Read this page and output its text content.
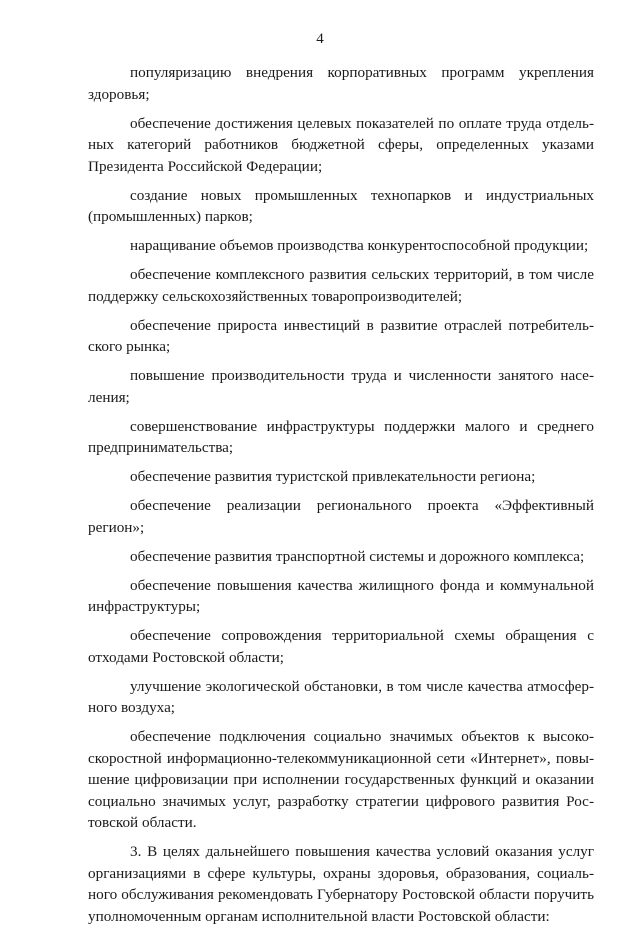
4

популяризацию внедрения корпоративных программ укрепления здоровья;

обеспечение достижения целевых показателей по оплате труда отдельных категорий работников бюджетной сферы, определенных указами Президента Российской Федерации;

создание новых промышленных технопарков и индустриальных (промышленных) парков;

наращивание объемов производства конкурентоспособной продукции;

обеспечение комплексного развития сельских территорий, в том числе поддержку сельскохозяйственных товаропроизводителей;

обеспечение прироста инвестиций в развитие отраслей потребительского рынка;

повышение производительности труда и численности занятого населения;

совершенствование инфраструктуры поддержки малого и среднего предпринимательства;

обеспечение развития туристской привлекательности региона;

обеспечение реализации регионального проекта «Эффективный регион»;

обеспечение развития транспортной системы и дорожного комплекса;

обеспечение повышения качества жилищного фонда и коммунальной инфраструктуры;

обеспечение сопровождения территориальной схемы обращения с отходами Ростовской области;

улучшение экологической обстановки, в том числе качества атмосферного воздуха;

обеспечение подключения социально значимых объектов к высокоскоростной информационно-телекоммуникационной сети «Интернет», повышение цифровизации при исполнении государственных функций и оказании социально значимых услуг, разработку стратегии цифрового развития Ростовской области.

3. В целях дальнейшего повышения качества условий оказания услуг организациями в сфере культуры, охраны здоровья, образования, социального обслуживания рекомендовать Губернатору Ростовской области поручить уполномоченным органам исполнительной власти Ростовской области:
